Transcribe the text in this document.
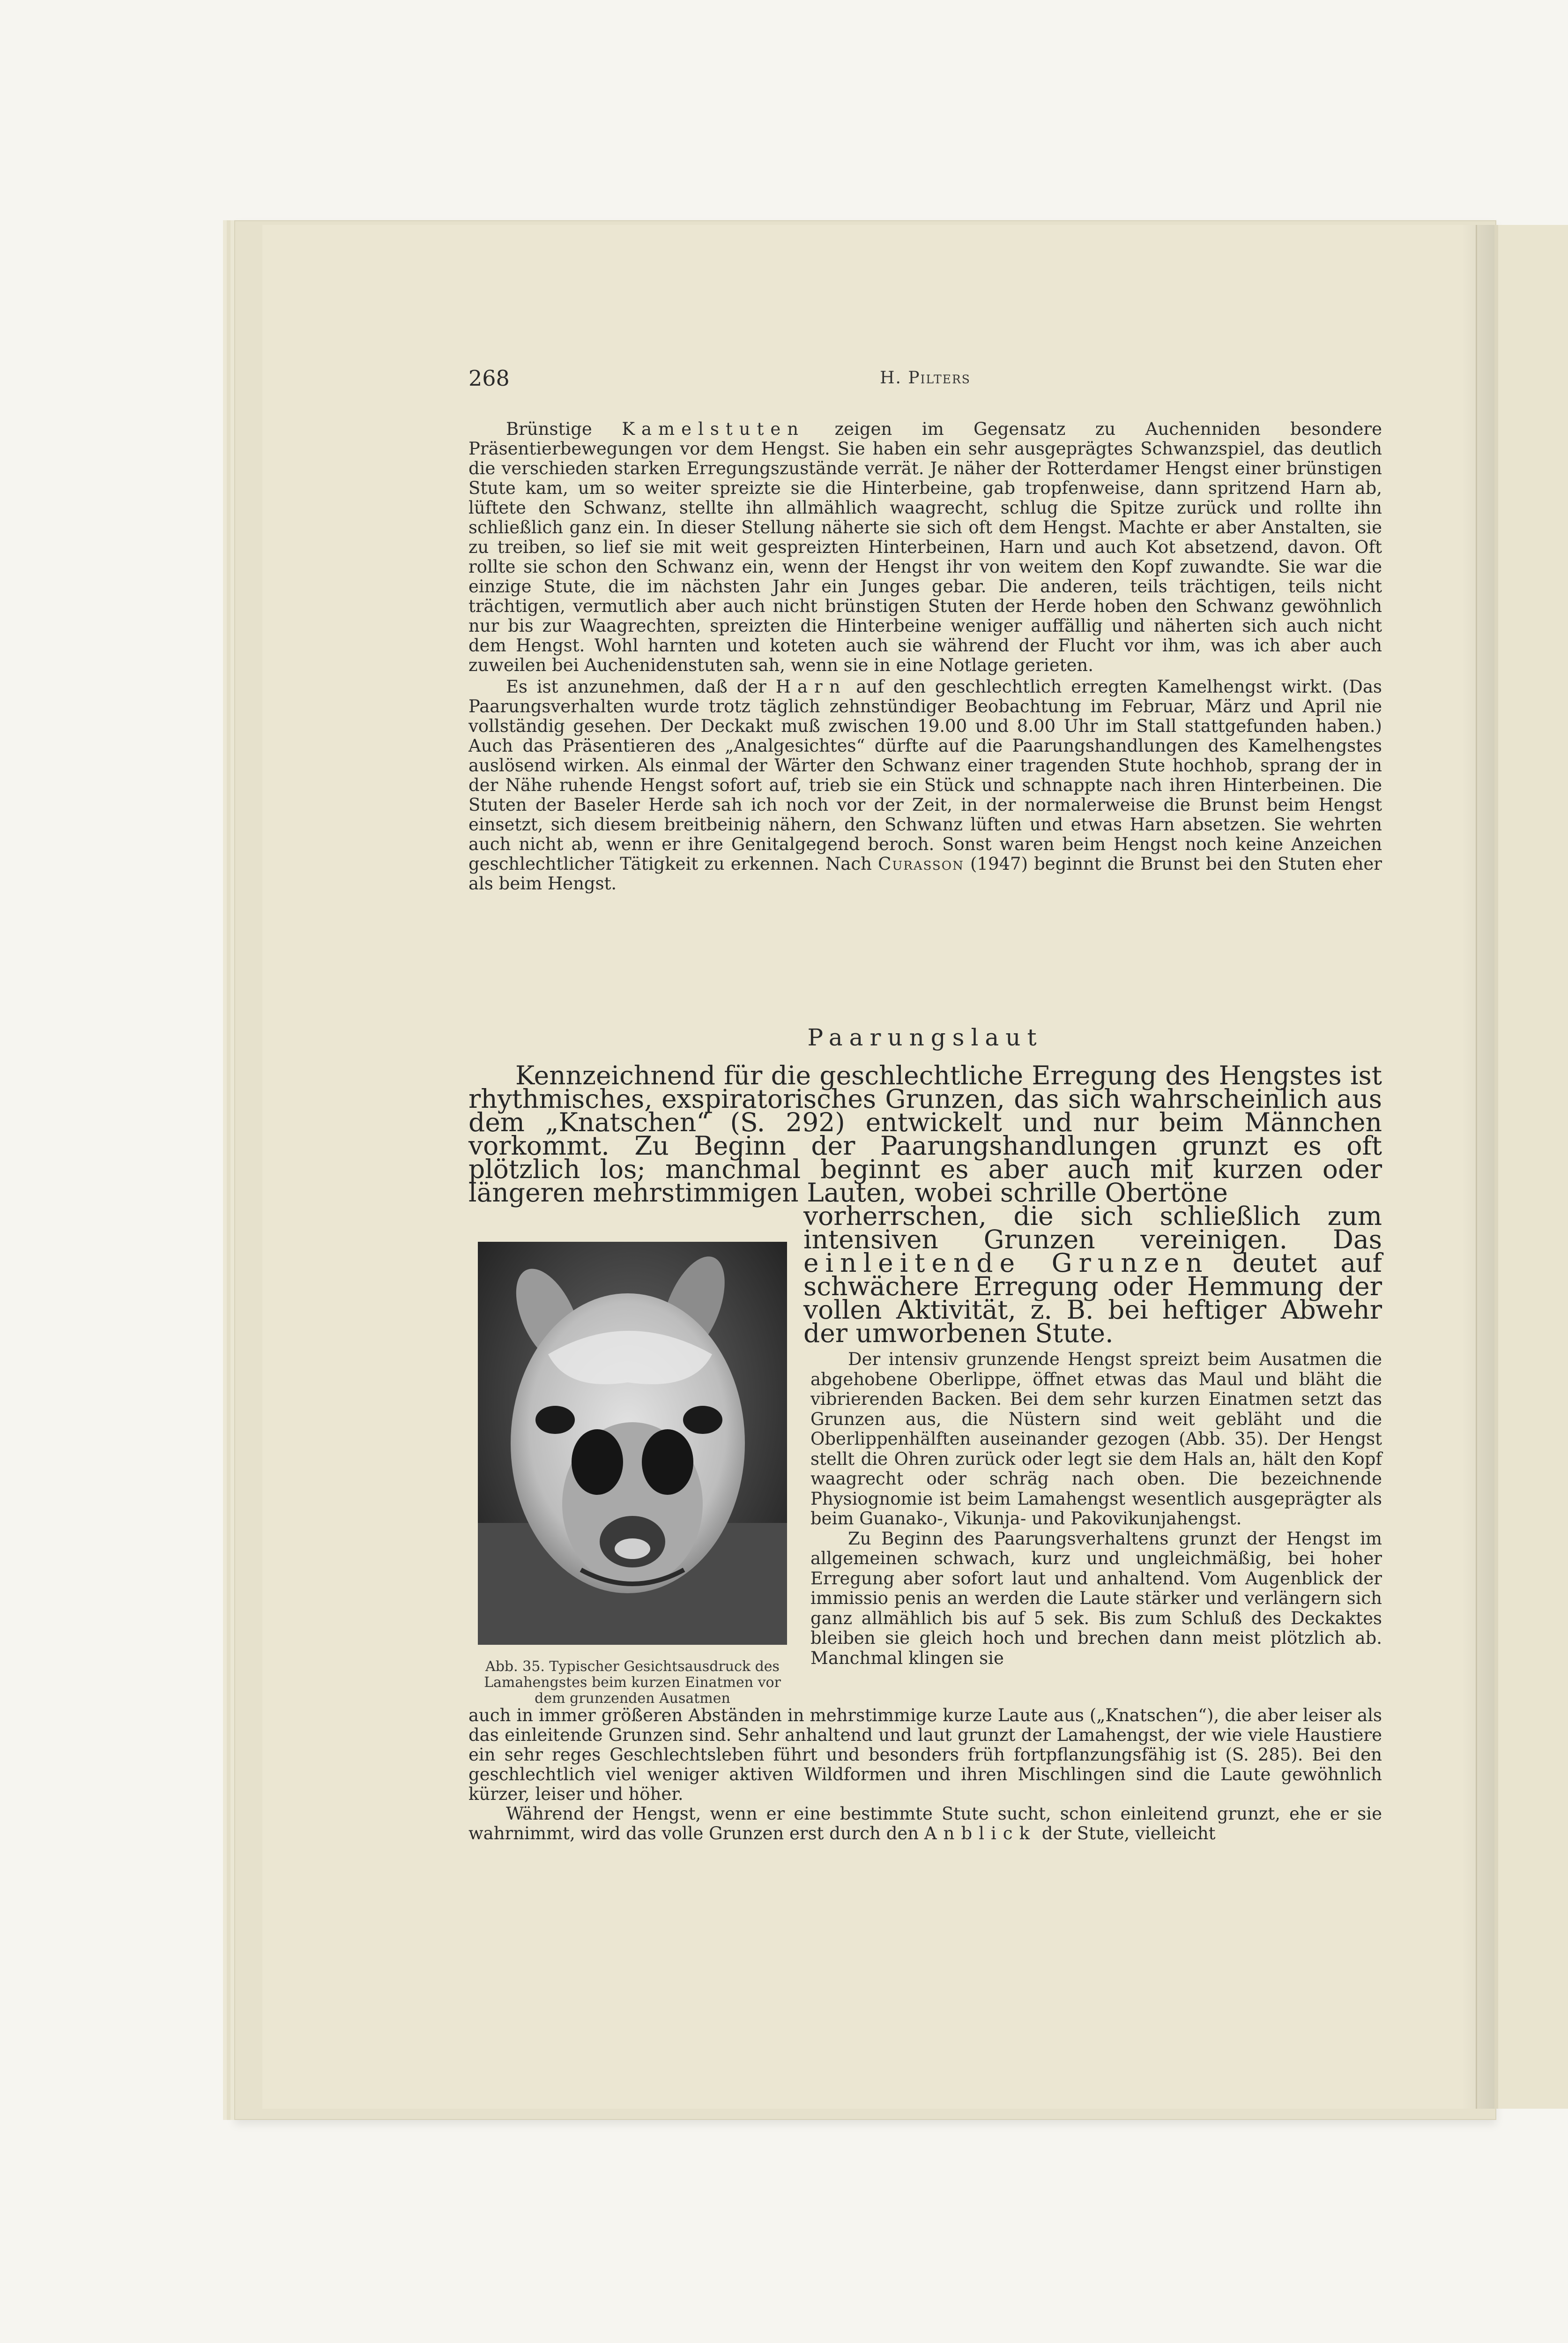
268	H. Pilters

Brünstige Kamelstuten zeigen im Gegensatz zu Auchenniden besondere Präsentierbewegungen vor dem Hengst. Sie haben ein sehr ausgeprägtes Schwanzspiel, das deutlich die verschieden starken Erregungszustände verrät. Je näher der Rotterdamer Hengst einer brünstigen Stute kam, um so weiter spreizte sie die Hinterbeine, gab tropfenweise, dann spritzend Harn ab, lüftete den Schwanz, stellte ihn allmählich waagrecht, schlug die Spitze zurück und rollte ihn schließlich ganz ein. In dieser Stellung näherte sie sich oft dem Hengst. Machte er aber Anstalten, sie zu treiben, so lief sie mit weit gespreizten Hinterbeinen, Harn und auch Kot absetzend, davon. Oft rollte sie schon den Schwanz ein, wenn der Hengst ihr von weitem den Kopf zuwandte. Sie war die einzige Stute, die im nächsten Jahr ein Junges gebar. Die anderen, teils trächtigen, teils nicht trächtigen, vermutlich aber auch nicht brünstigen Stuten der Herde hoben den Schwanz gewöhnlich nur bis zur Waagrechten, spreizten die Hinterbeine weniger auffällig und näherten sich auch nicht dem Hengst. Wohl harnten und koteten auch sie während der Flucht vor ihm, was ich aber auch zuweilen bei Auchenidenstuten sah, wenn sie in eine Notlage gerieten.

Es ist anzunehmen, daß der Harn auf den geschlechtlich erregten Kamelhengst wirkt. (Das Paarungsverhalten wurde trotz täglich zehnstündiger Beobachtung im Februar, März und April nie vollständig gesehen. Der Deckakt muß zwischen 19.00 und 8.00 Uhr im Stall stattgefunden haben.) Auch das Präsentieren des „Analgesichtes“ dürfte auf die Paarungshandlungen des Kamelhengstes auslösend wirken. Als einmal der Wärter den Schwanz einer tragenden Stute hochhob, sprang der in der Nähe ruhende Hengst sofort auf, trieb sie ein Stück und schnappte nach ihren Hinterbeinen. Die Stuten der Baseler Herde sah ich noch vor der Zeit, in der normalerweise die Brunst beim Hengst einsetzt, sich diesem breitbeinig nähern, den Schwanz lüften und etwas Harn absetzen. Sie wehrten auch nicht ab, wenn er ihre Genitalgegend beroch. Sonst waren beim Hengst noch keine Anzeichen geschlechtlicher Tätigkeit zu erkennen. Nach Curasson (1947) beginnt die Brunst bei den Stuten eher als beim Hengst.

Paarungslaut

Kennzeichnend für die geschlechtliche Erregung des Hengstes ist rhythmisches, exspiratorisches Grunzen, das sich wahrscheinlich aus dem „Knatschen“ (S. 292) entwickelt und nur beim Männchen vorkommt. Zu Beginn der Paarungshandlungen grunzt es oft plötzlich los; manchmal beginnt es aber auch mit kurzen oder längeren mehrstimmigen Lauten, wobei schrille Obertöne

vorherrschen, die sich schließlich zum intensiven Grunzen vereinigen. Das einleitende Grunzen deutet auf schwächere Erregung oder Hemmung der vollen Aktivität, z. B. bei heftiger Abwehr der umworbenen Stute.

Abb. 35. Typischer Gesichtsausdruck des Lamahengstes beim kurzen Einatmen vor dem grunzenden Ausatmen

Der intensiv grunzende Hengst spreizt beim Ausatmen die abgehobene Oberlippe, öffnet etwas das Maul und bläht die vibrierenden Backen. Bei dem sehr kurzen Einatmen setzt das Grunzen aus, die Nüstern sind weit gebläht und die Oberlippenhälften auseinander gezogen (Abb. 35). Der Hengst stellt die Ohren zurück oder legt sie dem Hals an, hält den Kopf waagrecht oder schräg nach oben. Die bezeichnende Physiognomie ist beim Lamahengst wesentlich ausgeprägter als beim Guanako-, Vikunja- und Pakovikunjahengst.

Zu Beginn des Paarungsverhaltens grunzt der Hengst im allgemeinen schwach, kurz und ungleichmäßig, bei hoher Erregung aber sofort laut und anhaltend. Vom Augenblick der immissio penis an werden die Laute stärker und verlängern sich ganz allmählich bis auf 5 sek. Bis zum Schluß des Deckaktes bleiben sie gleich hoch und brechen dann meist plötzlich ab. Manchmal klingen sie

auch in immer größeren Abständen in mehrstimmige kurze Laute aus („Knatschen“), die aber leiser als das einleitende Grunzen sind. Sehr anhaltend und laut grunzt der Lamahengst, der wie viele Haustiere ein sehr reges Geschlechtsleben führt und besonders früh fortpflanzungsfähig ist (S. 285). Bei den geschlechtlich viel weniger aktiven Wildformen und ihren Mischlingen sind die Laute gewöhnlich kürzer, leiser und höher.

Während der Hengst, wenn er eine bestimmte Stute sucht, schon einleitend grunzt, ehe er sie wahrnimmt, wird das volle Grunzen erst durch den Anblick der Stute, vielleicht
